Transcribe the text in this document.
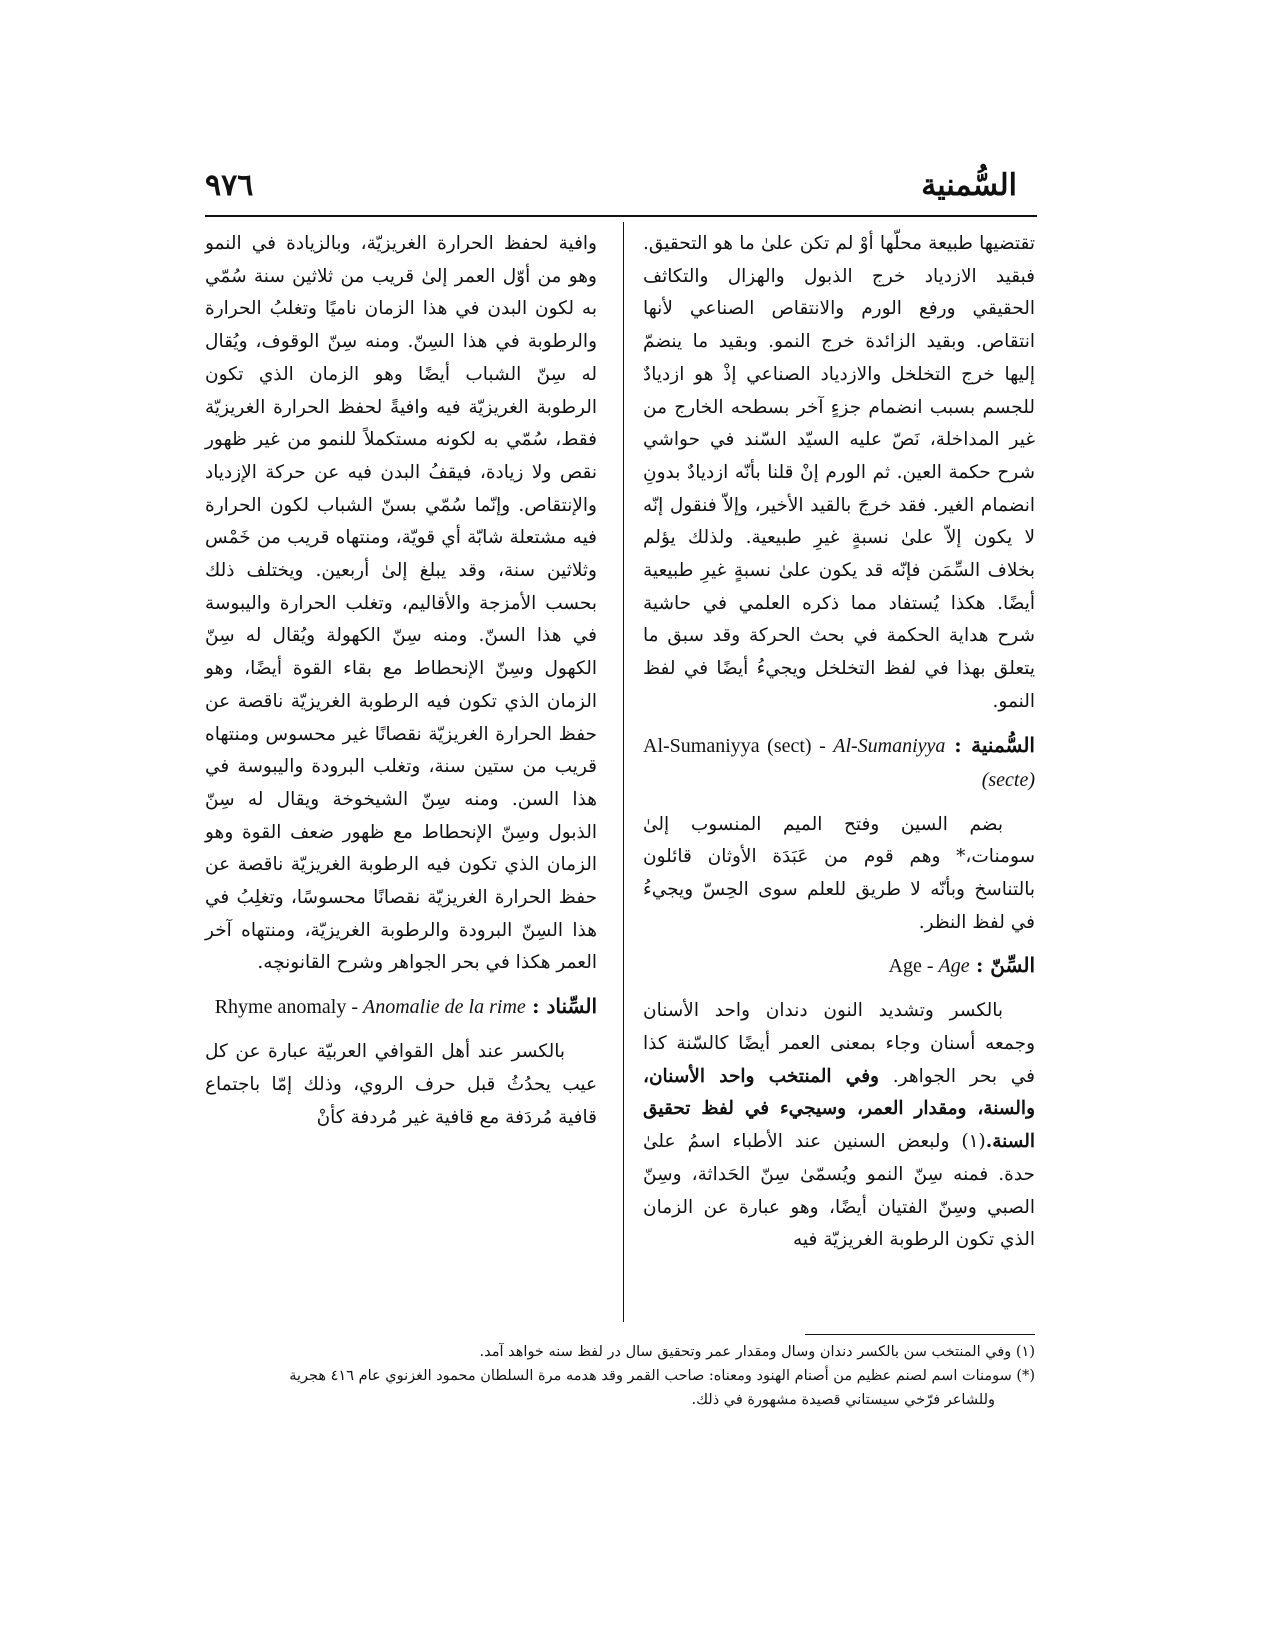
السُّمنية
٩٧٦

تقتضيها طبيعة محلّها أوْ لم تكن علىٰ ما هو التحقيق. فبقيد الازدياد خرج الذبول والهزال والتكاثف الحقيقي ورفع الورم والانتقاص الصناعي لأنها انتقاص. وبقيد الزائدة خرج النمو. وبقيد ما ينضمّ إليها خرج التخلخل والازدياد الصناعي إذْ هو ازديادٌ للجسم بسبب انضمام جزءٍ آخر بسطحه الخارج من غير المداخلة، نَصّ عليه السيّد السّند في حواشي شرح حكمة العين. ثم الورم إنْ قلنا بأنّه ازديادٌ بدونِ انضمام الغير. فقد خرجَ بالقيد الأخير، وإلاّ فنقول إنّه لا يكون إلاّ علىٰ نسبةٍ غيرِ طبيعية. ولذلك يؤلم بخلاف السِّمَن فإنّه قد يكون علىٰ نسبةٍ غيرِ طبيعية أيضًا. هكذا يُستفاد مما ذكره العلمي في حاشية شرح هداية الحكمة في بحث الحركة وقد سبق ما يتعلق بهذا في لفظ التخلخل ويجيءُ أيضًا في لفظ النمو.

السُّمنية : Al-Sumaniyya (sect) - Al-Sumaniyya (secte)

بضم السين وفتح الميم المنسوب إلىٰ سومنات،* وهم قوم من عَبَدَة الأوثان قائلون بالتناسخ وبأنّه لا طريق للعلم سوى الحِسّ ويجيءُ في لفظ النظر.

السِّنّ : Age - Age

بالكسر وتشديد النون دندان واحد الأسنان وجمعه أسنان وجاء بمعنى العمر أيضًا كالسّنة كذا في بحر الجواهر. وفي المنتخب واحد الأسنان، والسنة، ومقدار العمر، وسيجيء في لفظ تحقيق السنة.(١) ولبعض السنين عند الأطباء اسمُ علىٰ حدة. فمنه سِنّ النمو ويُسمّىٰ سِنّ الحَداثة، وسِنّ الصبي وسِنّ الفتيان أيضًا، وهو عبارة عن الزمان الذي تكون الرطوبة الغريزيّة فيه

وافية لحفظ الحرارة الغريزيّة، وبالزيادة في النمو وهو من أوّل العمر إلىٰ قريب من ثلاثين سنة سُمّي به لكون البدن في هذا الزمان ناميًا وتغلبُ الحرارة والرطوبة في هذا السِنّ. ومنه سِنّ الوقوف، ويُقال له سِنّ الشباب أيضًا وهو الزمان الذي تكون الرطوبة الغريزيّة فيه وافيةً لحفظ الحرارة الغريزيّة فقط، سُمّي به لكونه مستكملاً للنمو من غير ظهور نقص ولا زيادة، فيقفُ البدن فيه عن حركة الإزدياد والإنتقاص. وإنّما سُمّي بسنّ الشباب لكون الحرارة فيه مشتعلة شابّة أي قويّة، ومنتهاه قريب من خَمْس وثلاثين سنة، وقد يبلغ إلىٰ أربعين. ويختلف ذلك بحسب الأمزجة والأقاليم، وتغلب الحرارة واليبوسة في هذا السنّ. ومنه سِنّ الكهولة ويُقال له سِنّ الكهول وسِنّ الإنحطاط مع بقاء القوة أيضًا، وهو الزمان الذي تكون فيه الرطوبة الغريزيّة ناقصة عن حفظ الحرارة الغريزيّة نقصانًا غير محسوس ومنتهاه قريب من ستين سنة، وتغلب البرودة واليبوسة في هذا السن. ومنه سِنّ الشيخوخة ويقال له سِنّ الذبول وسِنّ الإنحطاط مع ظهور ضعف القوة وهو الزمان الذي تكون فيه الرطوبة الغريزيّة ناقصة عن حفظ الحرارة الغريزيّة نقصانًا محسوسًا، وتغلِبُ في هذا السِنّ البرودة والرطوبة الغريزيّة، ومنتهاه آخر العمر هكذا في بحر الجواهر وشرح القانونچه.

السِّناد : Rhyme anomaly - Anomalie de la rime

بالكسر عند أهل القوافي العربيّة عبارة عن كل عيب يحدُثُ قبل حرف الروي، وذلك إمّا باجتماع قافية مُردَفة مع قافية غير مُردفة كأنْ

(١) وفي المنتخب سن بالكسر دندان وسال ومقدار عمر وتحقيق سال در لفظ سنه خواهد آمد.

(*) سومنات اسم لصنم عظيم من أصنام الهنود ومعناه: صاحب القمر وقد هدمه مرة السلطان محمود الغزنوي عام ٤١٦ هجرية

وللشاعر فرّخي سيستاني قصيدة مشهورة في ذلك.
